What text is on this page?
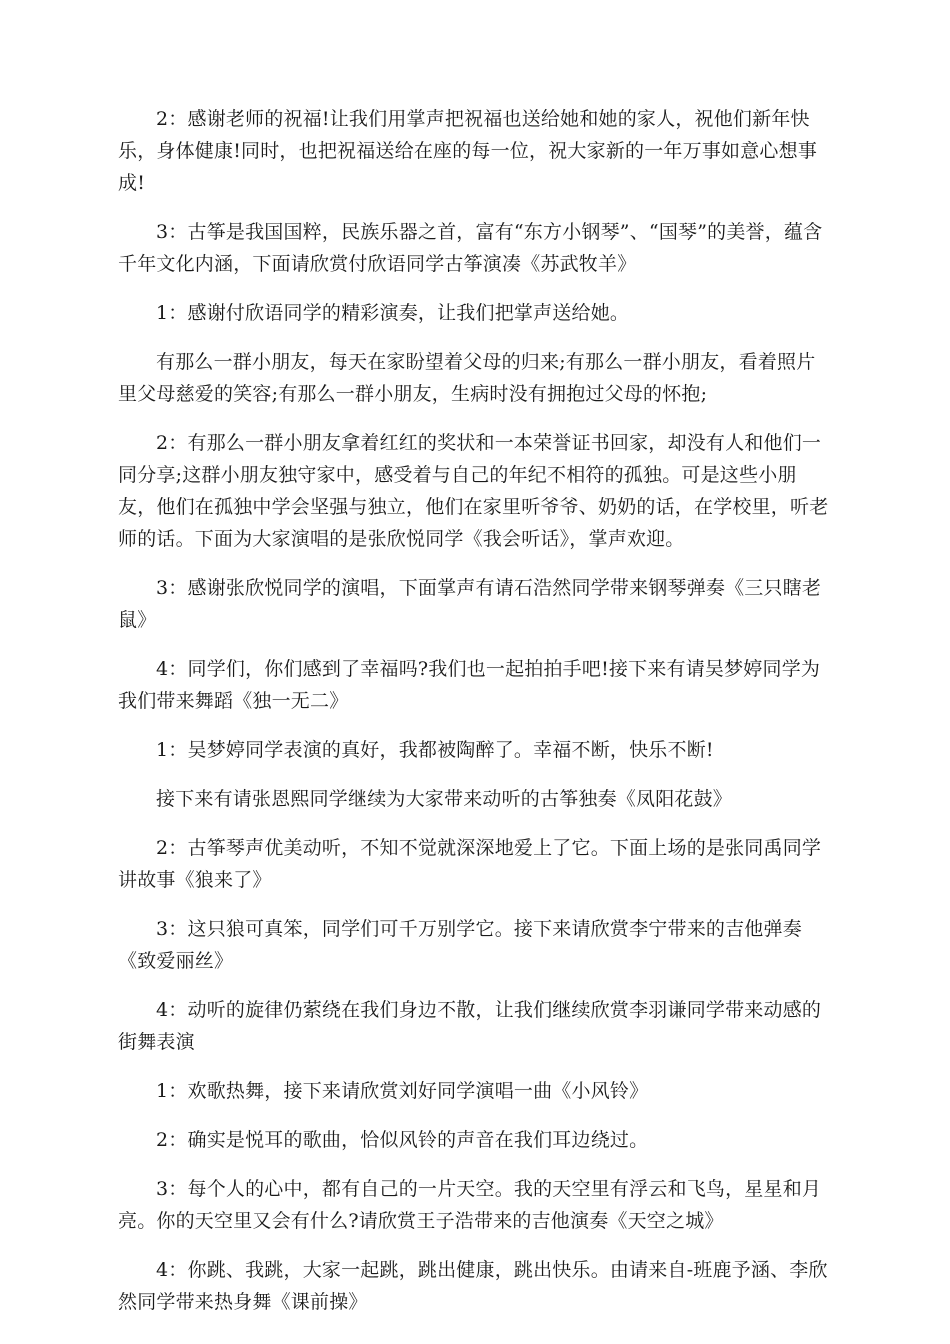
2：感谢老师的祝福!让我们用掌声把祝福也送给她和她的家人，祝他们新年快乐，身体健康!同时，也把祝福送给在座的每一位，祝大家新的一年万事如意心想事成!

3：古筝是我国国粹，民族乐器之首，富有“东方小钢琴”、“国琴”的美誉，蕴含千年文化内涵，下面请欣赏付欣语同学古筝演凑《苏武牧羊》

1：感谢付欣语同学的精彩演奏，让我们把掌声送给她。

有那么一群小朋友，每天在家盼望着父母的归来;有那么一群小朋友，看着照片里父母慈爱的笑容;有那么一群小朋友，生病时没有拥抱过父母的怀抱;

2：有那么一群小朋友拿着红红的奖状和一本荣誉证书回家，却没有人和他们一同分享;这群小朋友独守家中，感受着与自己的年纪不相符的孤独。可是这些小朋友，他们在孤独中学会坚强与独立，他们在家里听爷爷、奶奶的话，在学校里，听老师的话。下面为大家演唱的是张欣悦同学《我会听话》，掌声欢迎。

3：感谢张欣悦同学的演唱，下面掌声有请石浩然同学带来钢琴弹奏《三只瞎老鼠》

4：同学们，你们感到了幸福吗?我们也一起拍拍手吧!接下来有请吴梦婷同学为我们带来舞蹈《独一无二》

1：吴梦婷同学表演的真好，我都被陶醉了。幸福不断，快乐不断!

接下来有请张恩熙同学继续为大家带来动听的古筝独奏《凤阳花鼓》

2：古筝琴声优美动听，不知不觉就深深地爱上了它。下面上场的是张同禹同学讲故事《狼来了》

3：这只狼可真笨，同学们可千万别学它。接下来请欣赏李宁带来的吉他弹奏《致爱丽丝》

4：动听的旋律仍萦绕在我们身边不散，让我们继续欣赏李羽谦同学带来动感的街舞表演

1：欢歌热舞，接下来请欣赏刘好同学演唱一曲《小风铃》

2：确实是悦耳的歌曲，恰似风铃的声音在我们耳边绕过。

3：每个人的心中，都有自己的一片天空。我的天空里有浮云和飞鸟，星星和月亮。你的天空里又会有什么?请欣赏王子浩带来的吉他演奏《天空之城》

4：你跳、我跳，大家一起跳，跳出健康，跳出快乐。由请来自-班鹿予涵、李欣然同学带来热身舞《课前操》
